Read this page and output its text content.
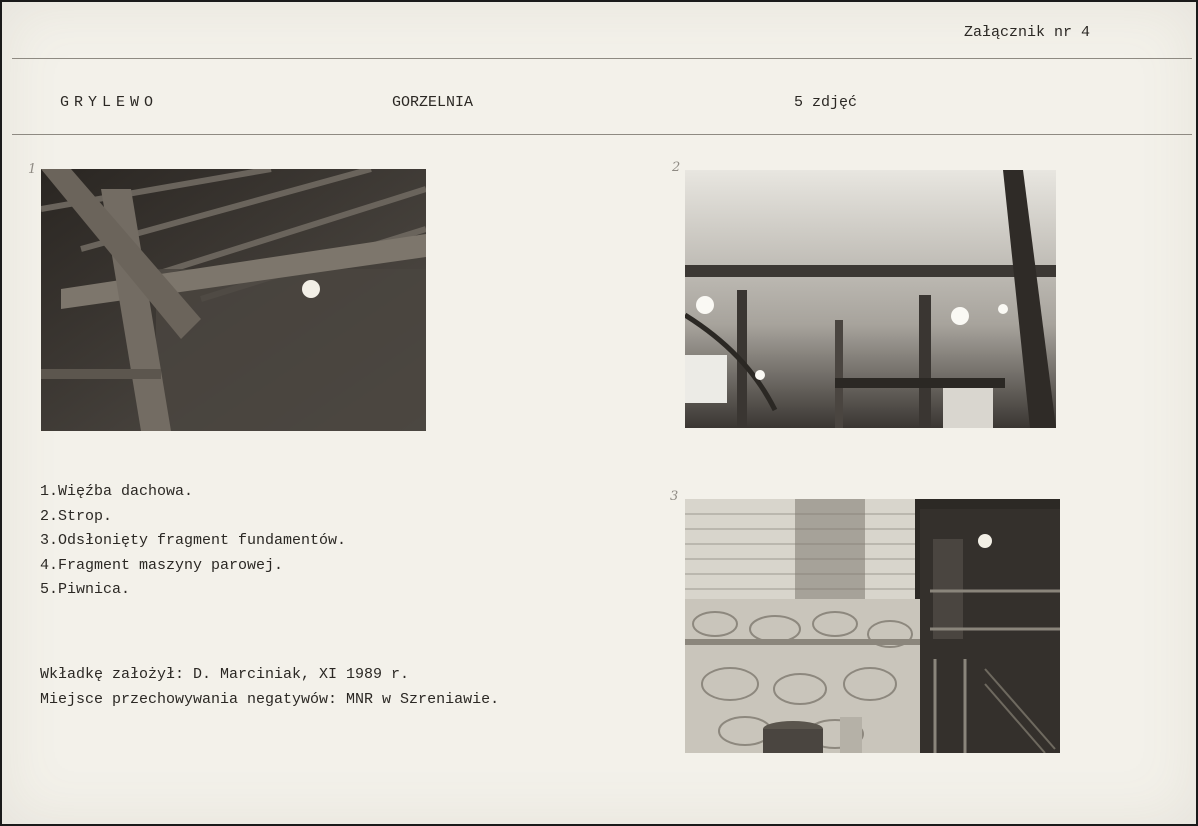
Załącznik nr 4
GRYLEWO	GORZELNIA	5 zdjęć
1	2
3
1.Więźba dachowa.
2.Strop.
3.Odsłonięty fragment fundamentów.
4.Fragment maszyny parowej.
5.Piwnica.
Wkładkę założył: D. Marciniak, XI 1989 r.
Miejsce przechowywania negatywów: MNR w Szreniawie.
